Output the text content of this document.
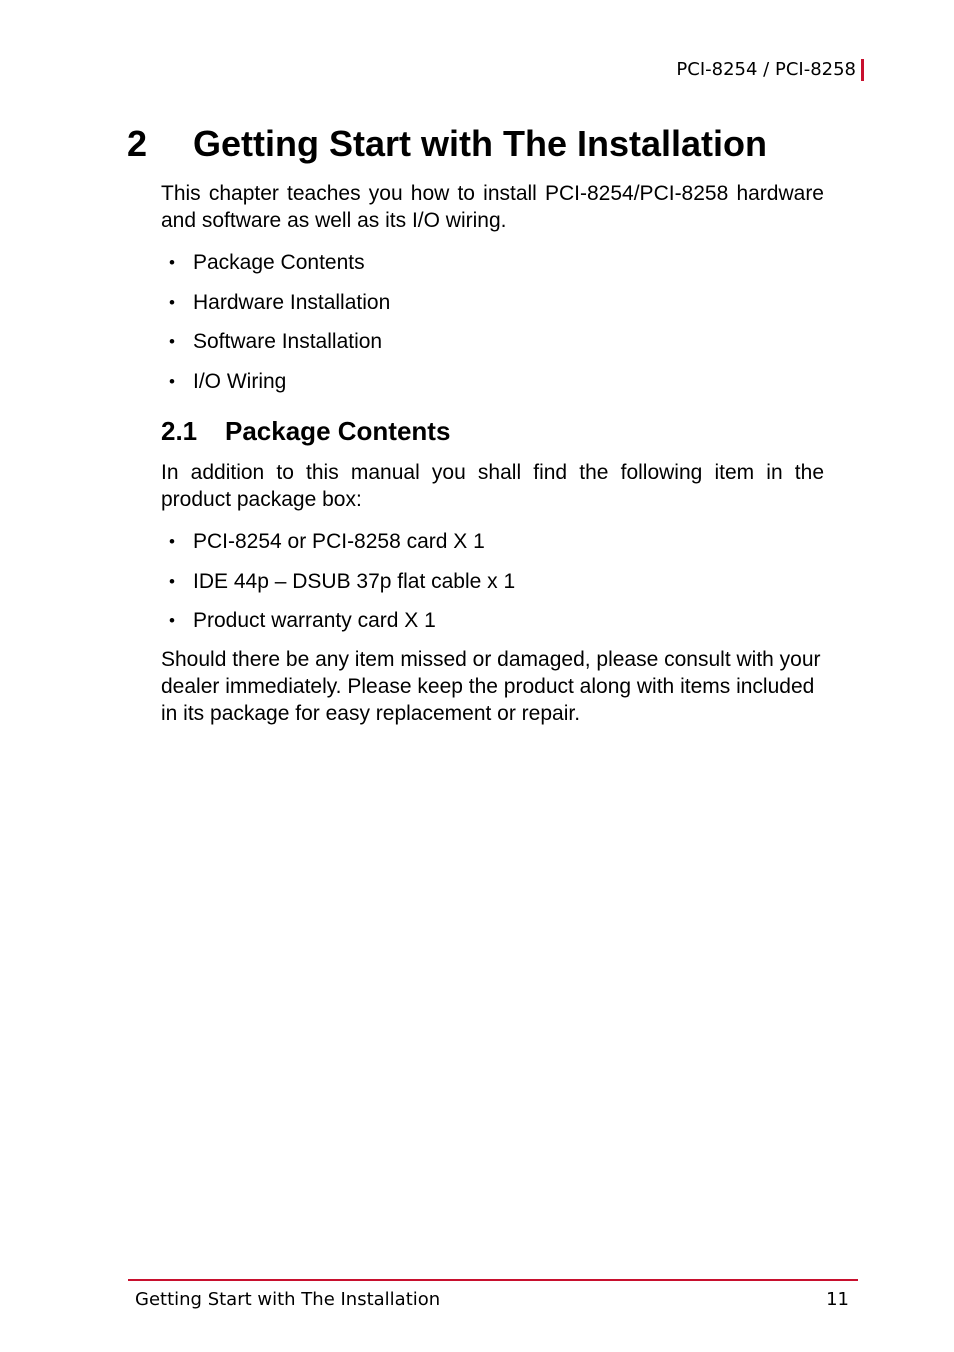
PCI-8254 / PCI-8258
2 Getting Start with The Installation

This chapter teaches you how to install PCI-8254/PCI-8258 hardware and software as well as its I/O wiring.

• Package Contents
• Hardware Installation
• Software Installation
• I/O Wiring
2.1 Package Contents

In addition to this manual you shall find the following item in the product package box:

• PCI-8254 or PCI-8258 card X 1
• IDE 44p – DSUB 37p flat cable x 1
• Product warranty card X 1

Should there be any item missed or damaged, please consult with your dealer immediately. Please keep the product along with items included in its package for easy replacement or repair.

Getting Start with The Installation	11
